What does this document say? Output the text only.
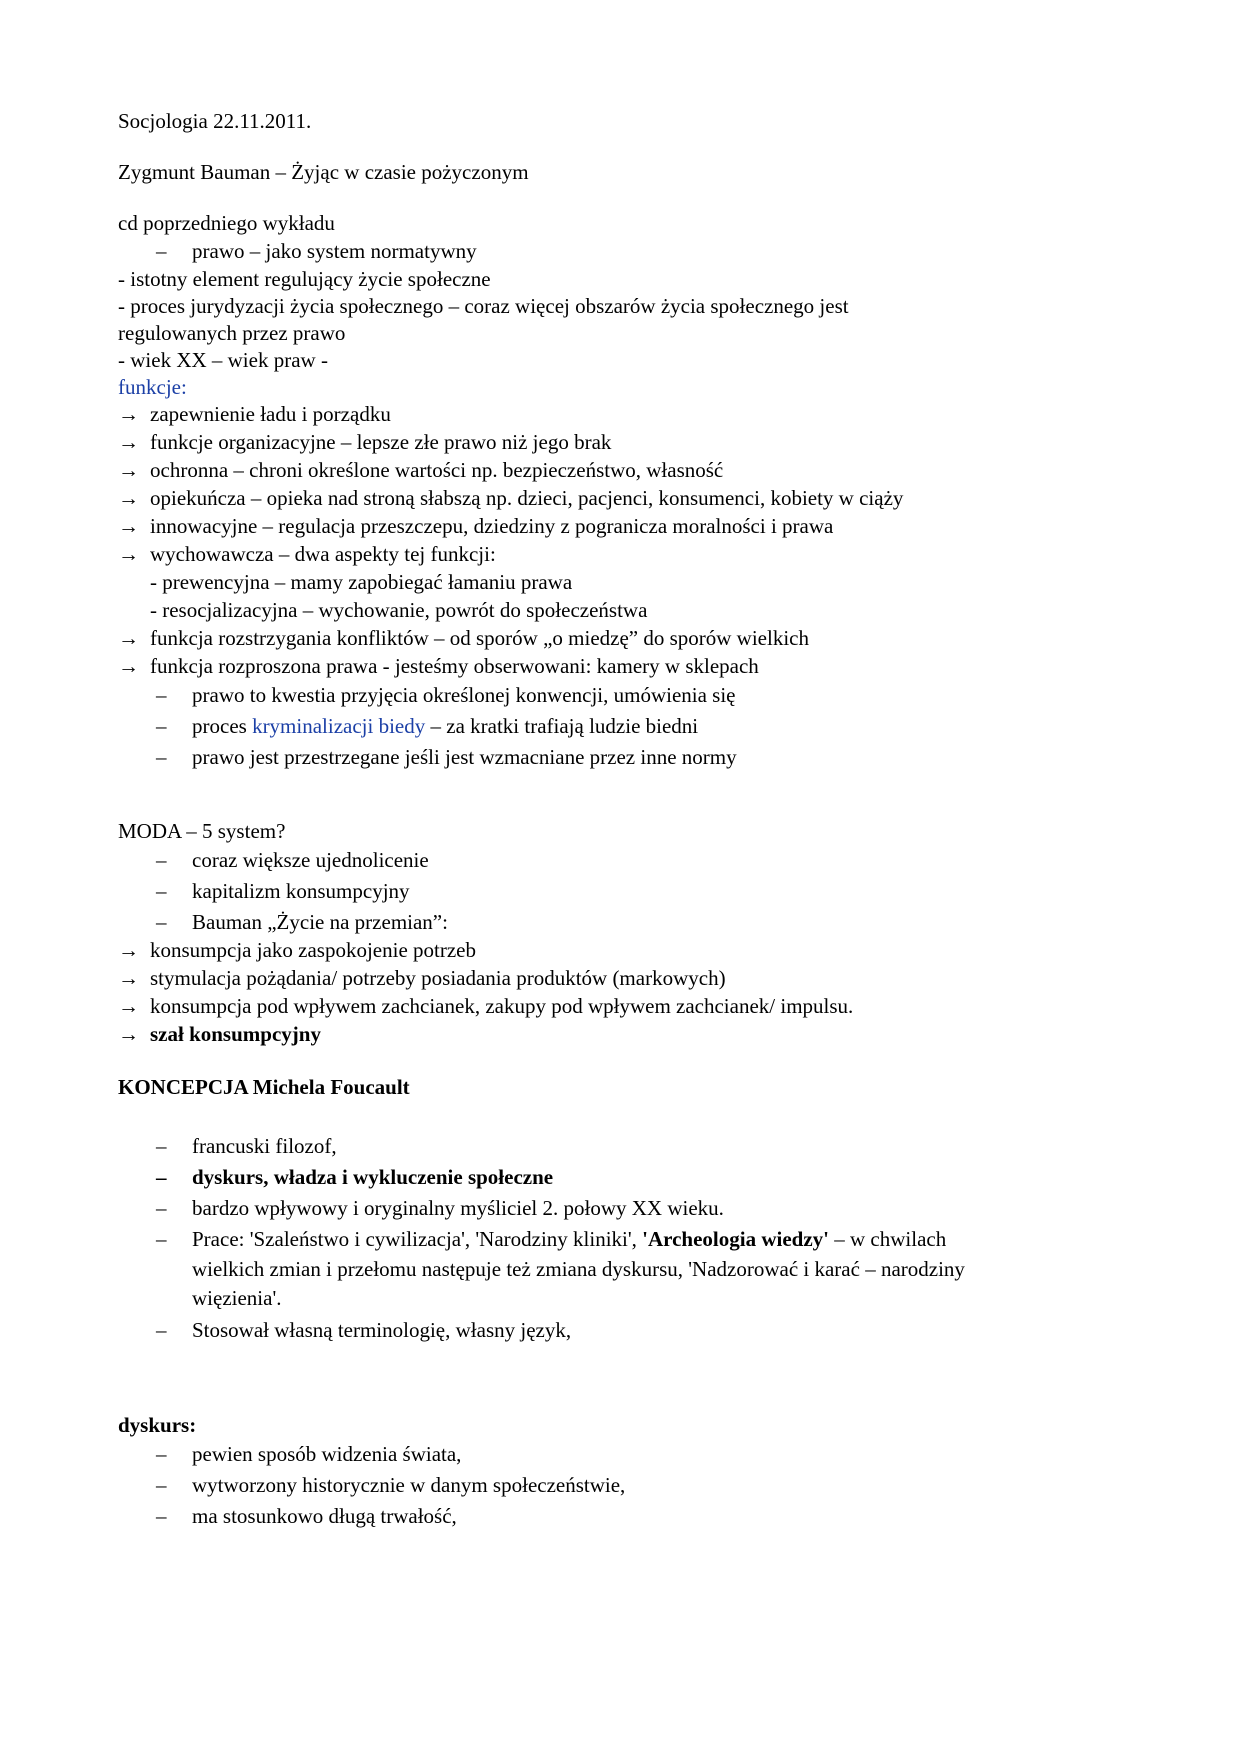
Socjologia 22.11.2011.
Zygmunt Bauman – Żyjąc w czasie pożyczonym
cd poprzedniego wykładu
– prawo – jako system normatywny
- istotny element regulujący życie społeczne
- proces jurydyzacji życia społecznego – coraz więcej obszarów życia społecznego jest
regulowanych przez prawo
- wiek XX – wiek praw -
funkcje:
→ zapewnienie ładu i porządku
→ funkcje organizacyjne – lepsze złe prawo niż jego brak
→ ochronna – chroni określone wartości np. bezpieczeństwo, własność
→ opiekuńcza – opieka nad stroną słabszą np. dzieci, pacjenci, konsumenci, kobiety w ciąży
→ innowacyjne – regulacja przeszczepu, dziedziny z pogranicza moralności i prawa
→ wychowawcza – dwa aspekty tej funkcji:
- prewencyjna – mamy zapobiegać łamaniu prawa
- resocjalizacyjna – wychowanie, powrót do społeczeństwa
→ funkcja rozstrzygania konfliktów – od sporów „o miedzę” do sporów wielkich
→ funkcja rozproszona prawa - jesteśmy obserwowani: kamery w sklepach
– prawo to kwestia przyjęcia określonej konwencji, umówienia się
– proces kryminalizacji biedy – za kratki trafiają ludzie biedni
– prawo jest przestrzegane jeśli jest wzmacniane przez inne normy
MODA – 5 system?
– coraz większe ujednolicenie
– kapitalizm konsumpcyjny
– Bauman „Życie na przemian”:
→ konsumpcja jako zaspokojenie potrzeb
→ stymulacja pożądania/ potrzeby posiadania produktów (markowych)
→ konsumpcja pod wpływem zachcianek, zakupy pod wpływem zachcianek/ impulsu.
→ szał konsumpcyjny
KONCEPCJA Michela Foucault
– francuski filozof,
– dyskurs, władza i wykluczenie społeczne
– bardzo wpływowy i oryginalny myśliciel 2. połowy XX wieku.
– Prace: 'Szaleństwo i cywilizacja', 'Narodziny kliniki', 'Archeologia wiedzy' – w chwilach
wielkich zmian i przełomu następuje też zmiana dyskursu, 'Nadzorować i karać – narodziny
więzienia'.
– Stosował własną terminologię, własny język,
dyskurs:
– pewien sposób widzenia świata,
– wytworzony historycznie w danym społeczeństwie,
– ma stosunkowo długą trwałość,
